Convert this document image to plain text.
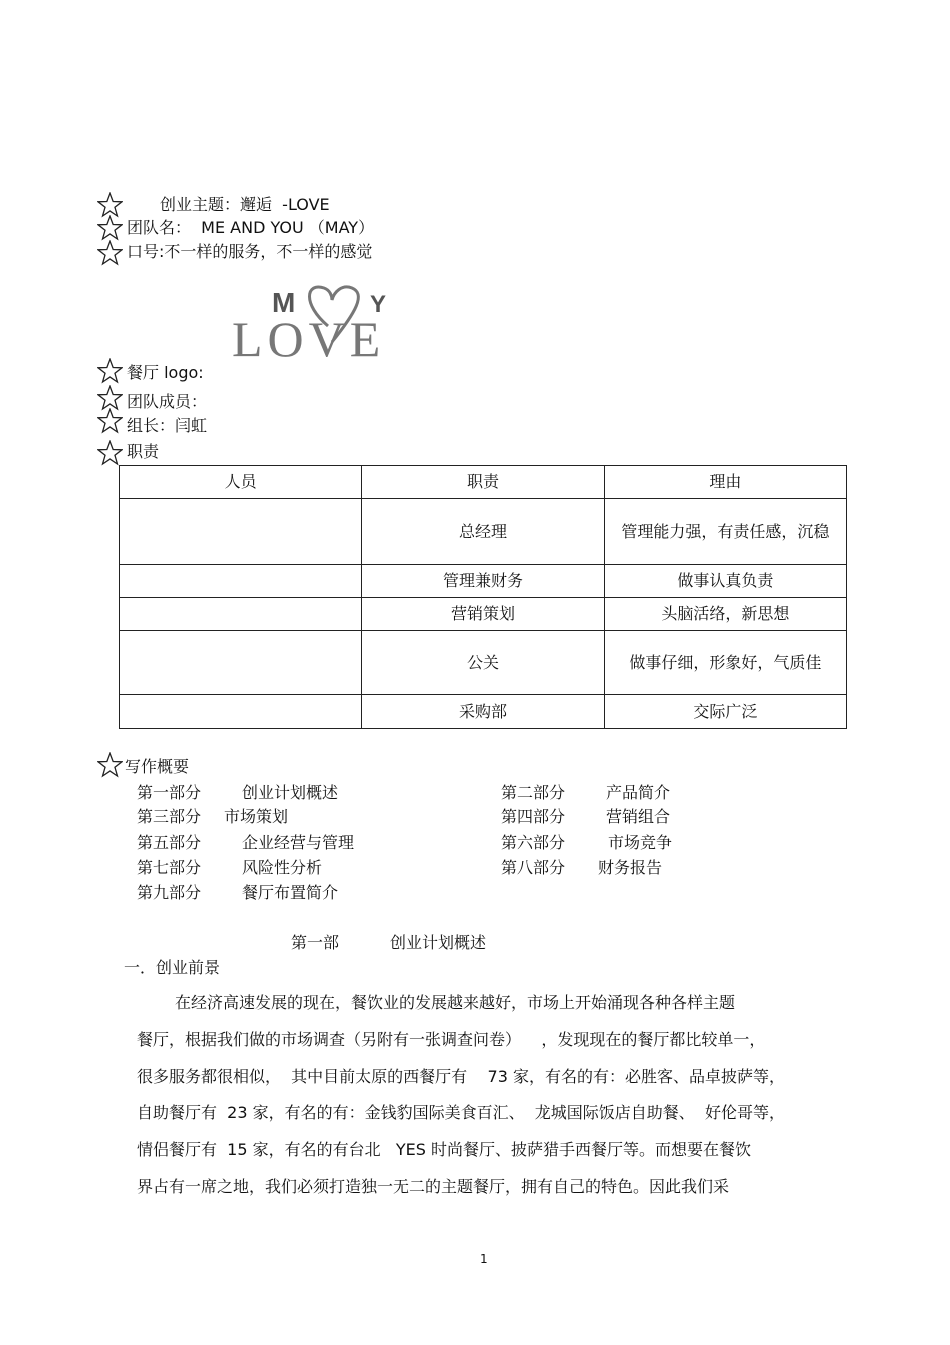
创业主题：邂逅  -LOVE
团队名：  ME AND YOU （MAY）
口号:不一样的服务，不一样的感觉
M	Y
LOVE
餐厅 logo:
团队成员：
组长：闫虹
职责
人员	职责	理由
	总经理	管理能力强，有责任感，沉稳
	管理兼财务	做事认真负责
	营销策划	头脑活络，新思想
	公关	做事仔细，形象好，气质佳
	采购部	交际广泛
写作概要
第一部分	创业计划概述	第二部分	产品简介
第三部分 市场策划	第四部分	营销组合
第五部分	企业经营与管理	第六部分	市场竞争
第七部分	风险性分析	第八部分 财务报告
第九部分	餐厅布置简介
第一部	创业计划概述
一．创业前景
在经济高速发展的现在，餐饮业的发展越来越好，市场上开始涌现各种各样主题
餐厅，根据我们做的市场调查（另附有一张调查问卷）    ，发现现在的餐厅都比较单一，
很多服务都很相似，  其中目前太原的西餐厅有    73 家，有名的有：必胜客、品卓披萨等，
自助餐厅有  23 家，有名的有：金钱豹国际美食百汇、  龙城国际饭店自助餐、  好伦哥等，
情侣餐厅有  15 家，有名的有台北   YES 时尚餐厅、披萨猎手西餐厅等。而想要在餐饮
界占有一席之地，我们必须打造独一无二的主题餐厅，拥有自己的特色。因此我们采
1
